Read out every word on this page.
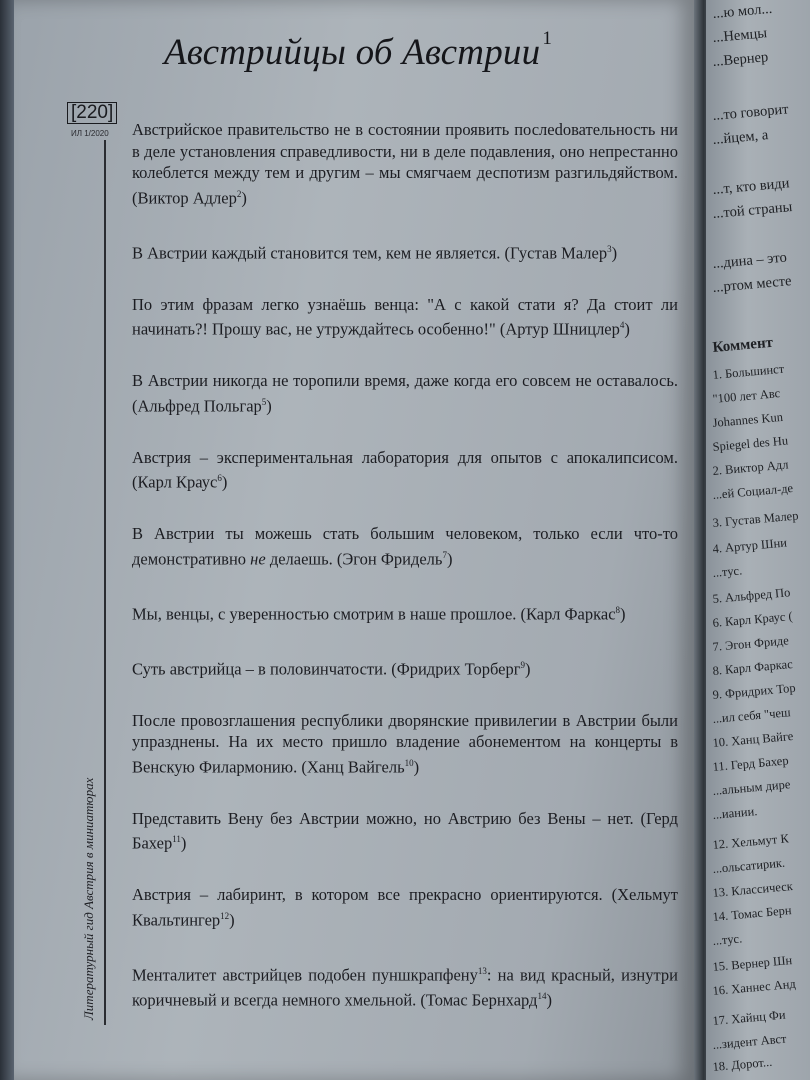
Австрийцы об Австрии $^1$
[220]
ИЛ 1/2020
Литературный гид Австрия в миниатюрах

Австрийское правительство не в состоянии проявить послеdовательность ни в деле установления справедливости, ни в деле подавления, оно непрестанно колеблется между тем и другим – мы смягчаем деспотизм разгильдяйством. (Виктор Адлер$^2$)

В Австрии каждый становится тем, кем не является. (Густав Малер$^3$)

По этим фразам легко узнаёшь венца: "А с какой стати я? Да стоит ли начинать?! Прошу вас, не утруждайтесь особенно!" (Артур Шницлер$^4$)

В Австрии никогда не торопили время, даже когда его совсем не оставалось. (Альфред Польгар$^5$)

Австрия – экспериментальная лаборатория для опытов с апокалипсисом. (Карл Краус$^6$)

В Австрии ты можешь стать большим человеком, только если что-то демонстративно не делаешь. (Эгон Фридель$^7$)

Мы, венцы, с уверенностью смотрим в наше прошлое. (Карл Фаркас$^8$)

Суть австрийца – в половинчатости. (Фридрих Торберг$^9$)

После провозглашения республики дворянские привилегии в Австрии были упразднены. На их место пришло владение абонементом на концерты в Венскую Филармонию. (Ханц Вайгель$^{10}$)

Представить Вену без Австрии можно, но Австрию без Вены – нет. (Герд Бахер$^{11}$)

Австрия – лабиринт, в котором все прекрасно ориентируются. (Хельмут Квальтингер$^{12}$)

Менталитет австрийцев подобен пуншкрапфену$^{13}$: на вид красный, изнутри коричневый и всегда немного хмельной. (Томас Бернхард$^{14}$)

...ю мол...
...Немцы
...Вернер
...то говорит
...йцем, а
...т, кто види
...той страны
...дина – это
...ртом месте
Коммент
1. Большинст
"100 лет Авс
Johannes Kun
Spiegel des Hu
2. Виктор Адл
...ей Социал-де
3. Густав Малер
4. Артур Шни
...тус.
5. Альфред По
6. Карл Краус (
7. Эгон Фриде
8. Карл Фаркас
9. Фридрих Тор
...ил себя "чеш
10. Ханц Вайге
11. Герд Бахер
...альным дире
...иании.
12. Хельмут К
...ольсатирик.
13. Классическ
14. Томас Берн
...тус.
15. Вернер Шн
16. Ханнес Анд
17. Хайнц Фи
...зидент Авст
18. Дорот...
